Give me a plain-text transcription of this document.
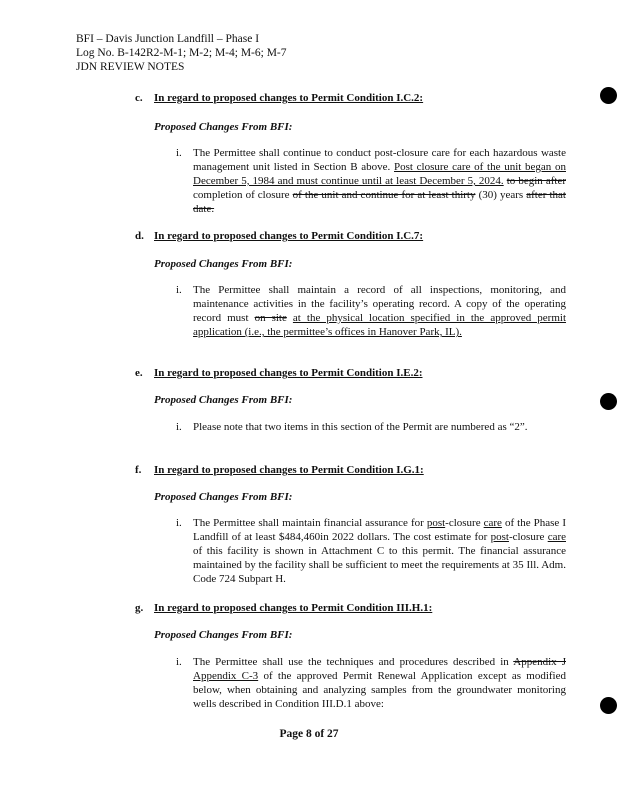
BFI – Davis Junction Landfill – Phase I
Log No. B-142R2-M-1; M-2; M-4; M-6; M-7
JDN REVIEW NOTES
c. In regard to proposed changes to Permit Condition I.C.2:
Proposed Changes From BFI:
i. The Permittee shall continue to conduct post-closure care for each hazardous waste management unit listed in Section B above. Post closure care of the unit began on December 5, 1984 and must continue until at least December 5, 2024. to begin after completion of closure of the unit and continue for at least thirty (30) years after that date.
d. In regard to proposed changes to Permit Condition I.C.7:
Proposed Changes From BFI:
i. The Permittee shall maintain a record of all inspections, monitoring, and maintenance activities in the facility’s operating record. A copy of the operating record must on site at the physical location specified in the approved permit application (i.e., the permittee’s offices in Hanover Park, IL).
e. In regard to proposed changes to Permit Condition I.E.2:
Proposed Changes From BFI:
i. Please note that two items in this section of the Permit are numbered as “2”.
f. In regard to proposed changes to Permit Condition I.G.1:
Proposed Changes From BFI:
i. The Permittee shall maintain financial assurance for post-closure care of the Phase I Landfill of at least $484,460in 2022 dollars. The cost estimate for post-closure care of this facility is shown in Attachment C to this permit. The financial assurance maintained by the facility shall be sufficient to meet the requirements at 35 Ill. Adm. Code 724 Subpart H.
g. In regard to proposed changes to Permit Condition III.H.1:
Proposed Changes From BFI:
i. The Permittee shall use the techniques and procedures described in Appendix J Appendix C-3 of the approved Permit Renewal Application except as modified below, when obtaining and analyzing samples from the groundwater monitoring wells described in Condition III.D.1 above:
Page 8 of 27
